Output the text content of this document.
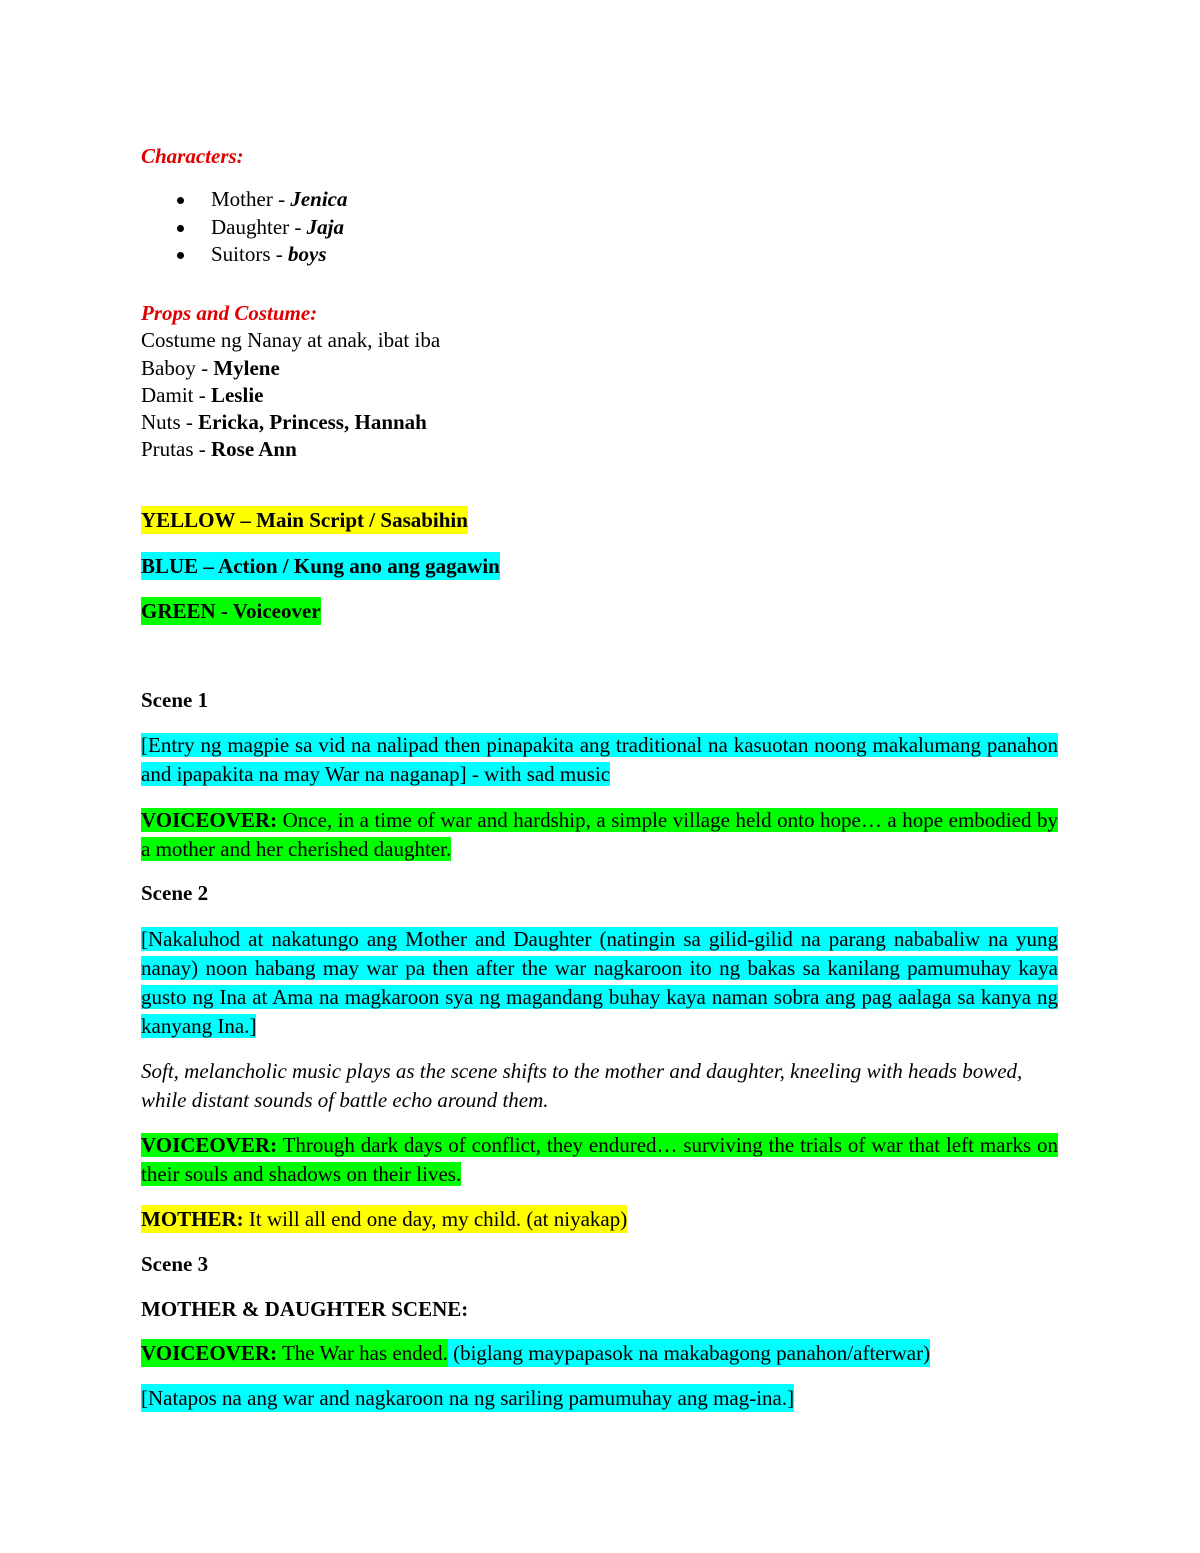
Characters:
Mother - Jenica
Daughter - Jaja
Suitors - boys
Props and Costume:
Costume ng Nanay at anak, ibat iba
Baboy - Mylene
Damit - Leslie
Nuts - Ericka, Princess, Hannah
Prutas - Rose Ann
YELLOW – Main Script / Sasabihin
BLUE – Action / Kung ano ang gagawin
GREEN - Voiceover
Scene 1
[Entry ng magpie sa vid na nalipad then pinapakita ang traditional na kasuotan noong makalumang panahon and ipapakita na may War na naganap] - with sad music
VOICEOVER: Once, in a time of war and hardship, a simple village held onto hope… a hope embodied by a mother and her cherished daughter.
Scene 2
[Nakaluhod at nakatungo ang Mother and Daughter (natingin sa gilid-gilid na parang nababaliw na yung nanay) noon habang may war pa then after the war nagkaroon ito ng bakas sa kanilang pamumuhay kaya gusto ng Ina at Ama na magkaroon sya ng magandang buhay kaya naman sobra ang pag aalaga sa kanya ng kanyang Ina.]
Soft, melancholic music plays as the scene shifts to the mother and daughter, kneeling with heads bowed, while distant sounds of battle echo around them.
VOICEOVER: Through dark days of conflict, they endured… surviving the trials of war that left marks on their souls and shadows on their lives.
MOTHER: It will all end one day, my child. (at niyakap)
Scene 3
MOTHER & DAUGHTER SCENE:
VOICEOVER: The War has ended. (biglang maypapasok na makabagong panahon/afterwar)
[Natapos na ang war and nagkaroon na ng sariling pamumuhay ang mag-ina.]
